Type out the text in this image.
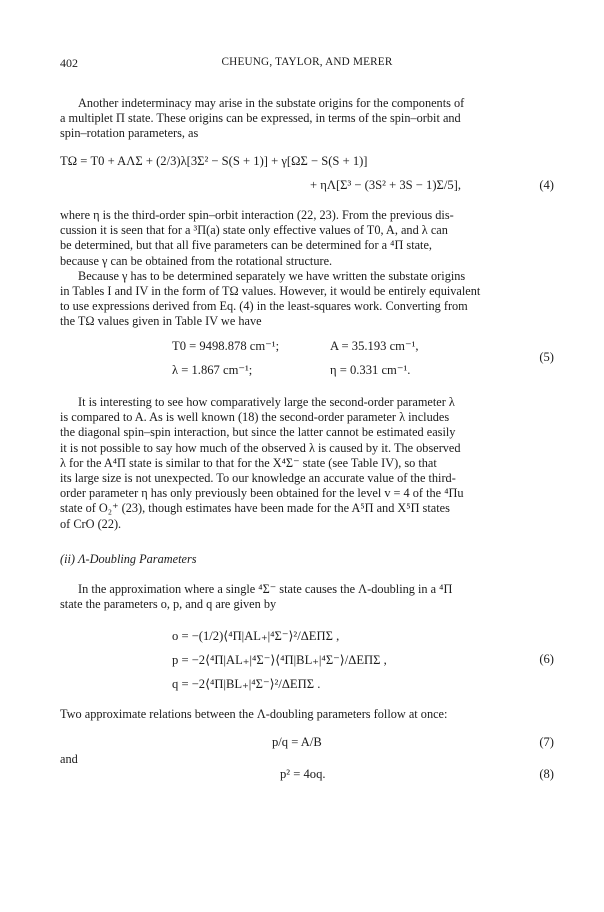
402	CHEUNG, TAYLOR, AND MERER
Another indeterminacy may arise in the substate origins for the components of
a multiplet Π state. These origins can be expressed, in terms of the spin–orbit and
spin–rotation parameters, as
TΩ = T0 + AΛΣ + (2/3)λ[3Σ² − S(S + 1)] + γ[ΩΣ − S(S + 1)]
+ ηΛ[Σ³ − (3S² + 3S − 1)Σ/5],	(4)
where η is the third-order spin–orbit interaction (22, 23). From the previous dis-
cussion it is seen that for a ³Π(a) state only effective values of T0, A, and λ can
be determined, but that all five parameters can be determined for a ⁴Π state,
because γ can be obtained from the rotational structure.
Because γ has to be determined separately we have written the substate origins
in Tables I and IV in the form of TΩ values. However, it would be entirely equivalent
to use expressions derived from Eq. (4) in the least-squares work. Converting from
the TΩ values given in Table IV we have
T0 = 9498.878 cm⁻¹;	A = 35.193 cm⁻¹,
λ = 1.867 cm⁻¹;	η = 0.331 cm⁻¹.
(5)
It is interesting to see how comparatively large the second-order parameter λ
is compared to A. As is well known (18) the second-order parameter λ includes
the diagonal spin–spin interaction, but since the latter cannot be estimated easily
it is not possible to say how much of the observed λ is caused by it. The observed
λ for the A⁴Π state is similar to that for the X⁴Σ⁻ state (see Table IV), so that
its large size is not unexpected. To our knowledge an accurate value of the third-
order parameter η has only previously been obtained for the level v = 4 of the ⁴Πu
state of O₂⁺ (23), though estimates have been made for the A⁵Π and X⁵Π states
of CrO (22).
(ii) Λ-Doubling Parameters
In the approximation where a single ⁴Σ⁻ state causes the Λ-doubling in a ⁴Π
state the parameters o, p, and q are given by
o = −(1/2)⟨⁴Π|AL₊|⁴Σ⁻⟩²/ΔEΠΣ ,
p = −2⟨⁴Π|AL₊|⁴Σ⁻⟩⟨⁴Π|BL₊|⁴Σ⁻⟩/ΔEΠΣ ,
q = −2⟨⁴Π|BL₊|⁴Σ⁻⟩²/ΔEΠΣ .
(6)
Two approximate relations between the Λ-doubling parameters follow at once:
p/q = A/B	(7)
and
p² = 4oq.	(8)
